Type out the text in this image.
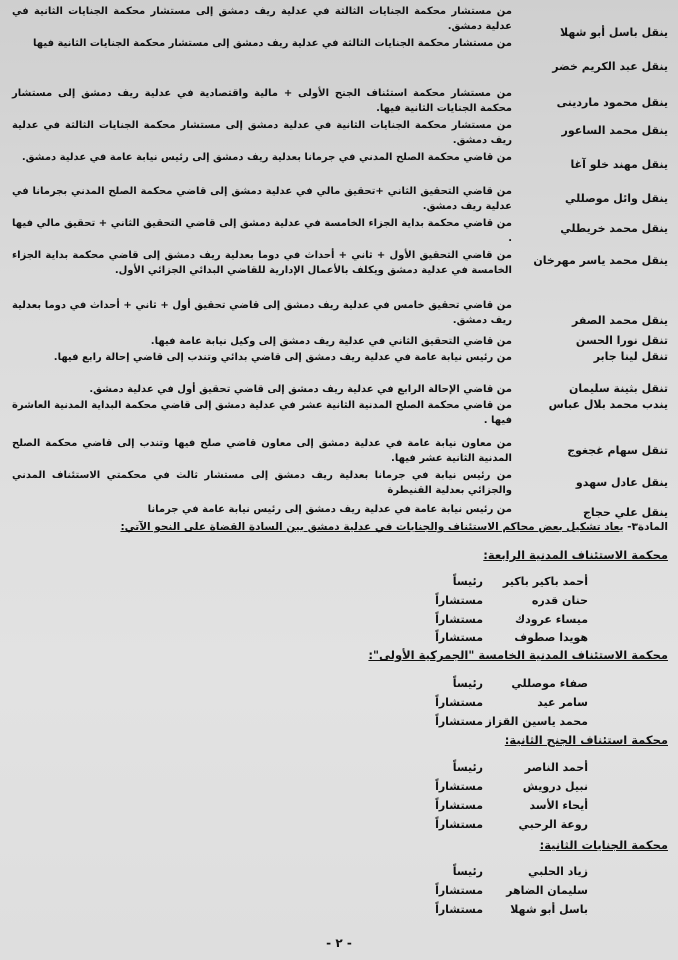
ينقل باسل أبو شهلا
من مستشار محكمة الجنايات الثالثة في عدلية ريف دمشق إلى مستشار محكمة الجنايات الثانية في عدلية دمشق.
ينقل عبد الكريم خضر
من مستشار محكمة الجنايات الثالثة في عدلية ريف دمشق إلى مستشار محكمة الجنايات الثانية فيها
ينقل محمود ماردينى
من مستشار محكمة استئناف الجنح الأولى + مالية واقتصادية في عدلية ريف دمشق إلى مستشار محكمة الجنايات الثانية فيها.
ينقل محمد الساعور
من مستشار محكمة الجنايات الثانية في عدلية دمشق إلى مستشار محكمة الجنايات الثالثة في عدلية ريف دمشق.
ينقل مهند خلو آغا
من قاضي محكمة الصلح المدني في جرمانا بعدلية ريف دمشق إلى رئيس نيابة عامة في عدلية دمشق.
ينقل وائل موصللي
من قاضي التحقيق الثاني +تحقيق مالي في عدلية دمشق إلى قاضي محكمة الصلح المدني بجرمانا في عدلية ريف دمشق.
ينقل محمد خريطلي
من قاضي محكمة بداية الجزاء الخامسة في عدلية دمشق إلى قاضي التحقيق الثاني + تحقيق مالي فيها .
ينقل محمد ياسر مهرخان
من قاضي التحقيق الأول + ثاني + أحداث في دوما بعدلية ريف دمشق إلى قاضي محكمة بداية الجزاء الخامسة في عدلية دمشق ويكلف بالأعمال الإدارية للقاضي البدائي الجزائي الأول.
ينقل محمد الصفر
من قاضي تحقيق خامس في عدلية ريف دمشق إلى قاضي تحقيق أول + ثاني + أحداث في دوما بعدلية ريف دمشق.
تنقل نورا الحسن
من قاضي التحقيق الثاني في عدلية ريف دمشق إلى وكيل نيابة عامة فيها.
تنقل لينا جابر
من رئيس نيابة عامة في عدلية ريف دمشق إلى قاضي بدائي وتندب إلى قاضي إحالة رابع فيها.
تنقل بثينة سليمان
من قاضي الإحالة الرابع في عدلية ريف دمشق إلى قاضي تحقيق أول في عدلية دمشق.
يندب محمد بلال عباس
من قاضي محكمة الصلح المدنية الثانية عشر في عدلية دمشق إلى قاضي محكمة البداية المدنية العاشرة فيها .
تنقل سهام غجغوج
من معاون نيابة عامة في عدلية دمشق إلى معاون قاضي صلح فيها وتندب إلى قاضي محكمة الصلح المدنية الثانية عشر فيها.
ينقل عادل سهدو
من رئيس نيابة في جرمانا بعدلية ريف دمشق إلى مستشار ثالث في محكمتي الاستئناف المدني والجزائي بعدلية القنيطرة
ينقل علي حجاج
من رئيس نيابة عامة في عدلية ريف دمشق إلى رئيس نيابة عامة في جرمانا
المادة٣- يعاد تشكيل بعض محاكم الاستئناف والجنايات في عدلية دمشق بين السادة القضاة على النحو الآتي:
محكمة الاستئناف المدنية الرابعة:
أحمد باكير باكير
رئيساً
حنان قدره
مستشاراً
ميساء عرودك
مستشاراً
هويدا صطوف
مستشاراً
محكمة الاستئناف المدنية الخامسة "الجمركية الأولى":
صفاء موصللي
رئيساً
سامر عيد
مستشاراً
محمد ياسين القزاز
مستشاراً
محكمة استئناف الجنح الثانية:
أحمد الناصر
رئيساً
نبيل درويش
مستشاراً
أيحاء الأسد
مستشاراً
روعة الرحبي
مستشاراً
محكمة الجنايات الثانية:
زياد الحلبي
رئيساً
سليمان الضاهر
مستشاراً
باسل أبو شهلا
مستشاراً
- ٢ -
